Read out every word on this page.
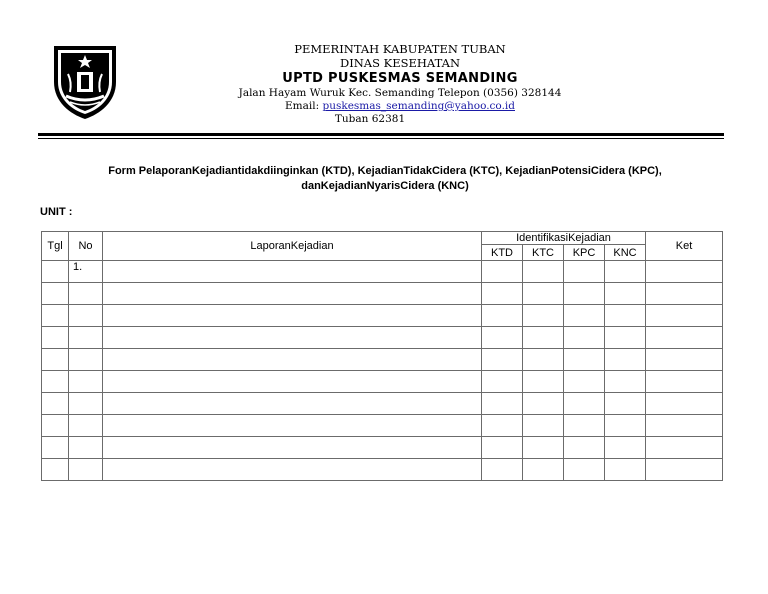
PEMERINTAH KABUPATEN TUBAN
DINAS KESEHATAN
UPTD PUSKESMAS SEMANDING
Jalan Hayam Wuruk Kec. Semanding Telepon (0356) 328144
Email: puskesmas_semanding@yahoo.co.id
Tuban 62381
Form PelaporanKejadiantidakdiinginkan (KTD), KejadianTidakCidera (KTC), KejadianPotensiCidera (KPC),
danKejadianNyarisCidera (KNC)
UNIT :
Tgl	No	LaporanKejadian	IdentifikasiKejadian				Ket
			KTD	KTC	KPC	KNC	
	1.						
